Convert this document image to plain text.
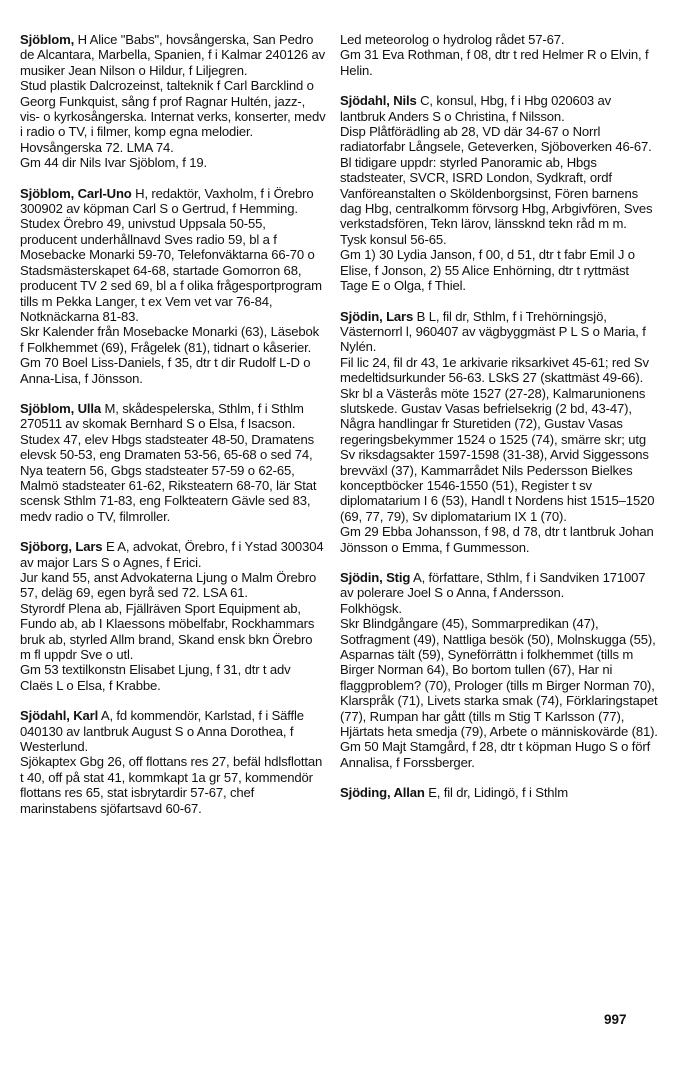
Sjöblom, H Alice "Babs", hovsångerska, San Pedro de Alcantara, Marbella, Spanien, f i Kalmar 240126 av musiker Jean Nilson o Hildur, f Liljegren.

Stud plastik Dalcrozeinst, talteknik f Carl Barcklind o Georg Funkquist, sång f prof Ragnar Hultén, jazz-, vis- o kyrkosångerska. Internat verks, konserter, medv i radio o TV, i filmer, komp egna melodier.

Hovsångerska 72. LMA 74.

Gm 44 dir Nils Ivar Sjöblom, f 19.

Sjöblom, Carl-Uno H, redaktör, Vaxholm, f i Örebro 300902 av köpman Carl S o Gertrud, f Hemming.

Studex Örebro 49, univstud Uppsala 50-55, producent underhållnavd Sves radio 59, bl a f Mosebacke Monarki 59-70, Telefonväktarna 66-70 o Stadsmästerskapet 64-68, startade Gomorron 68, producent TV 2 sed 69, bl a f olika frågesportprogram tills m Pekka Langer, t ex Vem vet var 76-84, Notknäckarna 81-83.

Skr Kalender från Mosebacke Monarki (63), Läsebok f Folkhemmet (69), Frågelek (81), tidnart o kåserier.

Gm 70 Boel Liss-Daniels, f 35, dtr t dir Rudolf L-D o Anna-Lisa, f Jönsson.

Sjöblom, Ulla M, skådespelerska, Sthlm, f i Sthlm 270511 av skomak Bernhard S o Elsa, f Isacson.

Studex 47, elev Hbgs stadsteater 48-50, Dramatens elevsk 50-53, eng Dramaten 53-56, 65-68 o sed 74, Nya teatern 56, Gbgs stadsteater 57-59 o 62-65, Malmö stadsteater 61-62, Riksteatern 68-70, lär Stat scensk Sthlm 71-83, eng Folkteatern Gävle sed 83, medv radio o TV, filmroller.

Sjöborg, Lars E A, advokat, Örebro, f i Ystad 300304 av major Lars S o Agnes, f Erici.

Jur kand 55, anst Advokaterna Ljung o Malm Örebro 57, deläg 69, egen byrå sed 72. LSA 61.

Styrordf Plena ab, Fjällräven Sport Equipment ab, Fundo ab, ab I Klaessons möbelfabr, Rockhammars bruk ab, styrled Allm brand, Skand ensk bkn Örebro m fl uppdr Sve o utl.

Gm 53 textilkonstn Elisabet Ljung, f 31, dtr t adv Claës L o Elsa, f Krabbe.

Sjödahl, Karl A, fd kommendör, Karlstad, f i Säffle 040130 av lantbruk August S o Anna Dorothea, f Westerlund.

Sjökaptex Gbg 26, off flottans res 27, befäl hdlsflottan t 40, off på stat 41, kommkapt 1a gr 57, kommendör flottans res 65, stat isbrytardir 57-67, chef marinstabens sjöfartsavd 60-67.

Led meteorolog o hydrolog rådet 57-67.

Gm 31 Eva Rothman, f 08, dtr t red Helmer R o Elvin, f Helin.

Sjödahl, Nils C, konsul, Hbg, f i Hbg 020603 av lantbruk Anders S o Christina, f Nilsson.

Disp Plåtförädling ab 28, VD där 34-67 o Norrl radiatorfabr Långsele, Geteverken, Sjöboverken 46-67.

Bl tidigare uppdr: styrled Panoramic ab, Hbgs stadsteater, SVCR, ISRD London, Sydkraft, ordf Vanföreanstalten o Sköldenborgsinst, Fören barnens dag Hbg, centralkomm förvsorg Hbg, Arbgivfören, Sves verkstadsfören, Tekn lärov, länssknd tekn råd m m.

Tysk konsul 56-65.

Gm 1) 30 Lydia Janson, f 00, d 51, dtr t fabr Emil J o Elise, f Jonson, 2) 55 Alice Enhörning, dtr t ryttmäst Tage E o Olga, f Thiel.

Sjödin, Lars B L, fil dr, Sthlm, f i Trehörningsjö, Västernorrl l, 960407 av vägbyggmäst P L S o Maria, f Nylén.

Fil lic 24, fil dr 43, 1e arkivarie riksarkivet 45-61; red Sv medeltidsurkunder 56-63. LSkS 27 (skattmäst 49-66).

Skr bl a Västerås möte 1527 (27-28), Kalmarunionens slutskede. Gustav Vasas befrielsekrig (2 bd, 43-47), Några handlingar fr Sturetiden (72), Gustav Vasas regeringsbekymmer 1524 o 1525 (74), smärre skr; utg Sv riksdagsakter 1597-1598 (31-38), Arvid Siggessons brevväxl (37), Kammarrådet Nils Pedersson Bielkes konceptböcker 1546-1550 (51), Register t sv diplomatarium I 6 (53), Handl t Nordens hist 1515–1520 (69, 77, 79), Sv diplomatarium IX 1 (70).

Gm 29 Ebba Johansson, f 98, d 78, dtr t lantbruk Johan Jönsson o Emma, f Gummesson.

Sjödin, Stig A, författare, Sthlm, f i Sandviken 171007 av polerare Joel S o Anna, f Andersson.

Folkhögsk.

Skr Blindgångare (45), Sommarpredikan (47), Sotfragment (49), Nattliga besök (50), Molnskugga (55), Asparnas tält (59), Syneförrättn i folkhemmet (tills m Birger Norman 64), Bo bortom tullen (67), Har ni flaggproblem? (70), Prologer (tills m Birger Norman 70), Klarspråk (71), Livets starka smak (74), Förklaringstapet (77), Rumpan har gått (tills m Stig T Karlsson (77), Hjärtats heta smedja (79), Arbete o människovärde (81).

Gm 50 Majt Stamgård, f 28, dtr t köpman Hugo S o förf Annalisa, f Forssberger.

Sjöding, Allan E, fil dr, Lidingö, f i Sthlm

997
